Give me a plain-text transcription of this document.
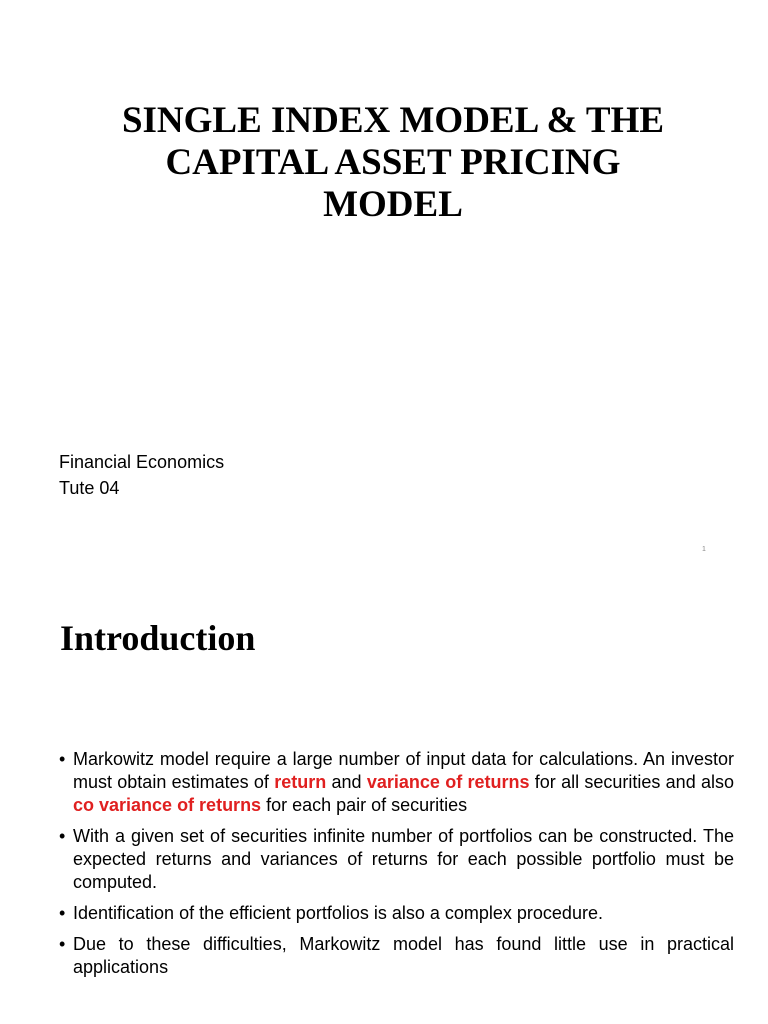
SINGLE INDEX MODEL & THE
CAPITAL ASSET PRICING
MODEL
Financial Economics
Tute 04
1
Introduction
• Markowitz model require a large number of input data for calculations. An investor must obtain estimates of return and variance of returns for all securities and also co variance of returns for each pair of securities
• With a given set of securities infinite number of portfolios can be constructed. The expected returns and variances of returns for each possible portfolio must be computed.
• Identification of the efficient portfolios is also a complex procedure.
• Due to these difficulties, Markowitz model has found little use in practical applications
